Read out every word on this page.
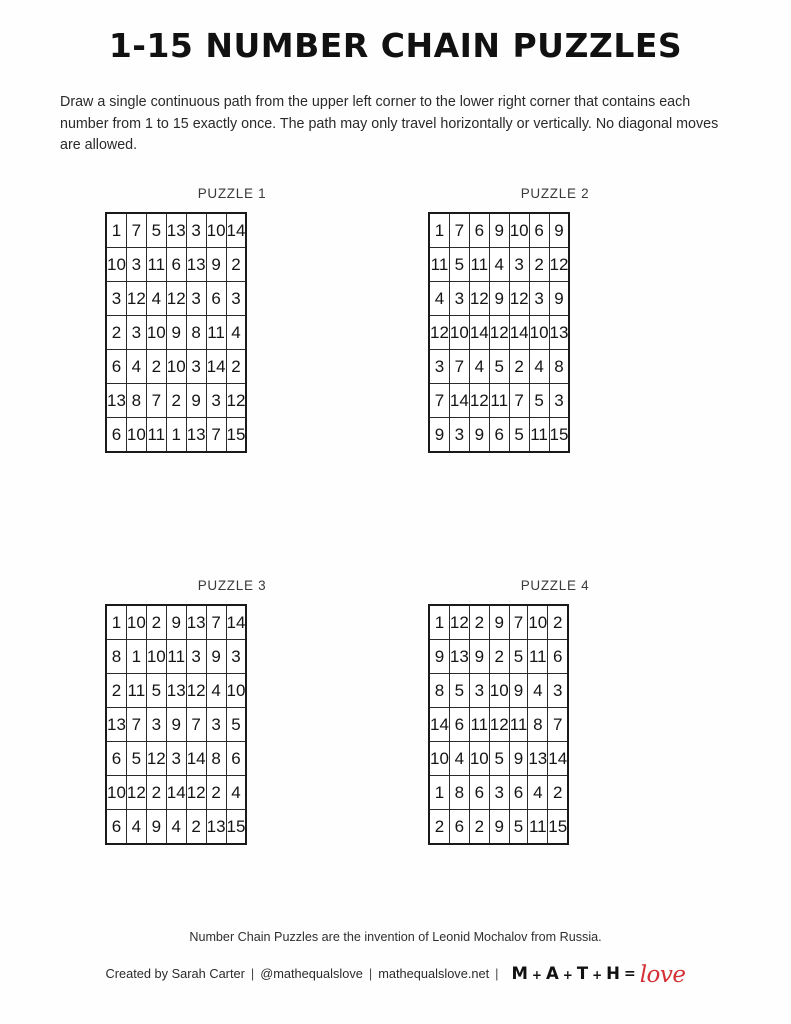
1-15 NUMBER CHAIN PUZZLES
Draw a single continuous path from the upper left corner to the lower right corner that contains each number from 1 to 15 exactly once. The path may only travel horizontally or vertically. No diagonal moves are allowed.
PUZZLE 1
1	7	5	13	3	10	14
10	3	11	6	13	9	2
3	12	4	12	3	6	3
2	3	10	9	8	11	4
6	4	2	10	3	14	2
13	8	7	2	9	3	12
6	10	11	1	13	7	15
PUZZLE 2
1	7	6	9	10	6	9
11	5	11	4	3	2	12
4	3	12	9	12	3	9
12	10	14	12	14	10	13
3	7	4	5	2	4	8
7	14	12	11	7	5	3
9	3	9	6	5	11	15
PUZZLE 3
1	10	2	9	13	7	14
8	1	10	11	3	9	3
2	11	5	13	12	4	10
13	7	3	9	7	3	5
6	5	12	3	14	8	6
10	12	2	14	12	2	4
6	4	9	4	2	13	15
PUZZLE 4
1	12	2	9	7	10	2
9	13	9	2	5	11	6
8	5	3	10	9	4	3
14	6	11	12	11	8	7
10	4	10	5	9	13	14
1	8	6	3	6	4	2
2	6	2	9	5	11	15
Number Chain Puzzles are the invention of Leonid Mochalov from Russia.
Created by Sarah Carter | @mathequalslove | mathequalslove.net | M + A + T + H = love
